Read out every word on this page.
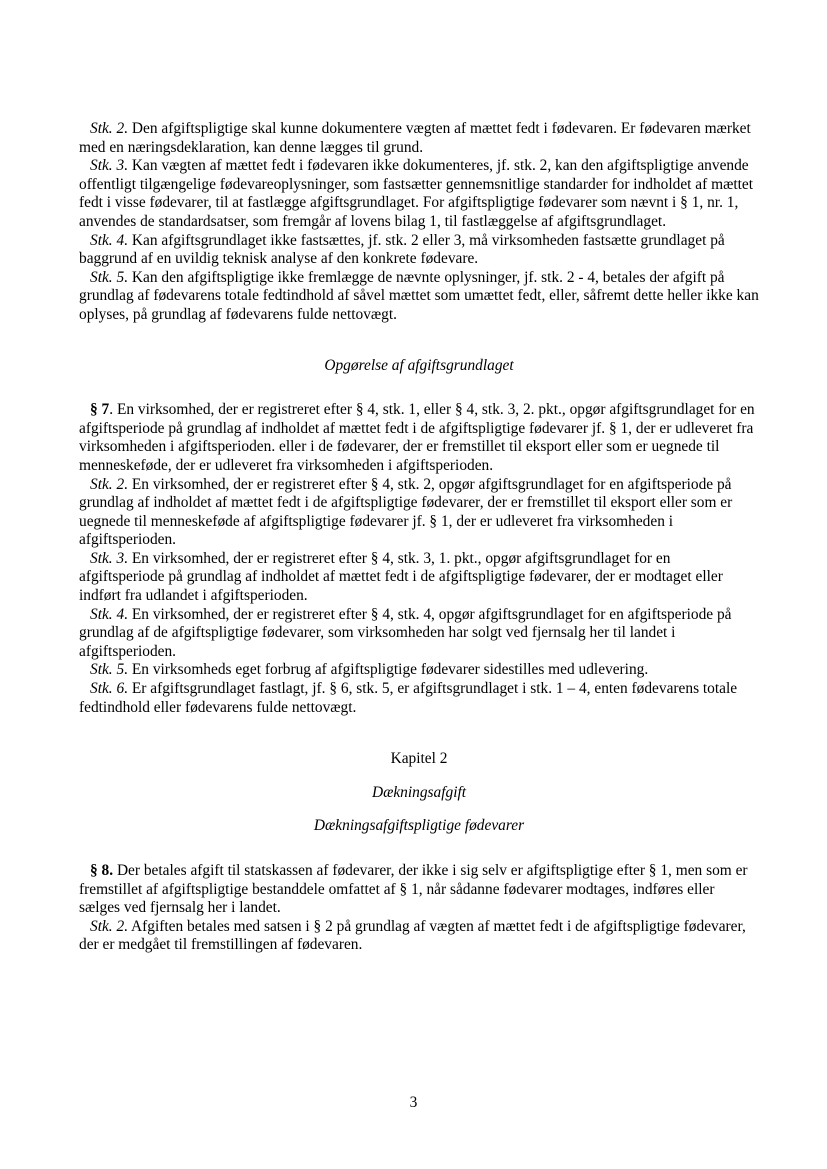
Stk. 2. Den afgiftspligtige skal kunne dokumentere vægten af mættet fedt i fødevaren. Er fødevaren mærket med en næringsdeklaration, kan denne lægges til grund.

Stk. 3. Kan vægten af mættet fedt i fødevaren ikke dokumenteres, jf. stk. 2, kan den afgiftspligtige anvende offentligt tilgængelige fødevareoplysninger, som fastsætter gennemsnitlige standarder for indholdet af mættet fedt i visse fødevarer, til at fastlægge afgiftsgrundlaget. For afgiftspligtige fødevarer som nævnt i § 1, nr. 1, anvendes de standardsatser, som fremgår af lovens bilag 1, til fastlæggelse af afgiftsgrundlaget.

Stk. 4. Kan afgiftsgrundlaget ikke fastsættes, jf. stk. 2 eller 3, må virksomheden fastsætte grundlaget på baggrund af en uvildig teknisk analyse af den konkrete fødevare.

Stk. 5. Kan den afgiftspligtige ikke fremlægge de nævnte oplysninger, jf. stk. 2 - 4, betales der afgift på grundlag af fødevarens totale fedtindhold af såvel mættet som umættet fedt, eller, såfremt dette heller ikke kan oplyses, på grundlag af fødevarens fulde nettovægt.

Opgørelse af afgiftsgrundlaget

§ 7. En virksomhed, der er registreret efter § 4, stk. 1, eller § 4, stk. 3, 2. pkt., opgør afgiftsgrundlaget for en afgiftsperiode på grundlag af indholdet af mættet fedt i de afgiftspligtige fødevarer jf. § 1, der er udleveret fra virksomheden i afgiftsperioden. eller i de fødevarer, der er fremstillet til eksport eller som er uegnede til menneskeføde, der er udleveret fra virksomheden i afgiftsperioden.

Stk. 2. En virksomhed, der er registreret efter § 4, stk. 2, opgør afgiftsgrundlaget for en afgiftsperiode på grundlag af indholdet af mættet fedt i de afgiftspligtige fødevarer, der er fremstillet til eksport eller som er uegnede til menneskeføde af afgiftspligtige fødevarer jf. § 1, der er udleveret fra virksomheden i afgiftsperioden.

Stk. 3. En virksomhed, der er registreret efter § 4, stk. 3, 1. pkt., opgør afgiftsgrundlaget for en afgiftsperiode på grundlag af indholdet af mættet fedt i de afgiftspligtige fødevarer, der er modtaget eller indført fra udlandet i afgiftsperioden.

Stk. 4. En virksomhed, der er registreret efter § 4, stk. 4, opgør afgiftsgrundlaget for en afgiftsperiode på grundlag af de afgiftspligtige fødevarer, som virksomheden har solgt ved fjernsalg her til landet i afgiftsperioden.

Stk. 5. En virksomheds eget forbrug af afgiftspligtige fødevarer sidestilles med udlevering.

Stk. 6. Er afgiftsgrundlaget fastlagt, jf. § 6, stk. 5, er afgiftsgrundlaget i stk. 1 – 4, enten fødevarens totale fedtindhold eller fødevarens fulde nettovægt.

Kapitel 2

Dækningsafgift

Dækningsafgiftspligtige fødevarer

§ 8. Der betales afgift til statskassen af fødevarer, der ikke i sig selv er afgiftspligtige efter § 1, men som er fremstillet af afgiftspligtige bestanddele omfattet af § 1, når sådanne fødevarer modtages, indføres eller sælges ved fjernsalg her i landet.

Stk. 2. Afgiften betales med satsen i § 2 på grundlag af vægten af mættet fedt i de afgiftspligtige fødevarer, der er medgået til fremstillingen af fødevaren.

3
